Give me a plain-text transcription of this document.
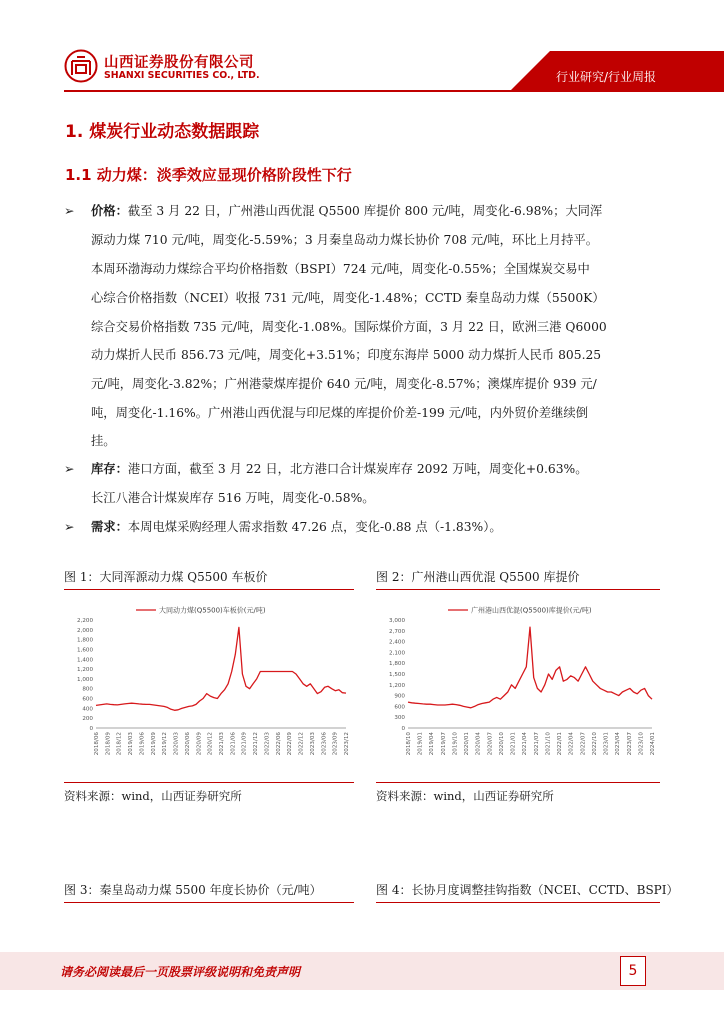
山西证券股份有限公司
SHANXI SECURITIES CO., LTD.	行业研究/行业周报
1. 煤炭行业动态数据跟踪
1.1 动力煤：淡季效应显现价格阶段性下行
➢ 价格：截至 3 月 22 日，广州港山西优混 Q5500 库提价 800 元/吨，周变化-6.98%；大同浑
源动力煤 710 元/吨，周变化-5.59%；3 月秦皇岛动力煤长协价 708 元/吨，环比上月持平。
本周环渤海动力煤综合平均价格指数（BSPI）724 元/吨，周变化-0.55%；全国煤炭交易中
心综合价格指数（NCEI）收报 731 元/吨，周变化-1.48%；CCTD 秦皇岛动力煤（5500K）
综合交易价格指数 735 元/吨，周变化-1.08%。国际煤价方面，3 月 22 日，欧洲三港 Q6000
动力煤折人民币 856.73 元/吨，周变化+3.51%；印度东海岸 5000 动力煤折人民币 805.25
元/吨，周变化-3.82%；广州港蒙煤库提价 640 元/吨，周变化-8.57%；澳煤库提价 939 元/
吨，周变化-1.16%。广州港山西优混与印尼煤的库提价价差-199 元/吨，内外贸价差继续倒
挂。
➢ 库存：港口方面，截至 3 月 22 日，北方港口合计煤炭库存 2092 万吨，周变化+0.63%。
长江八港合计煤炭库存 516 万吨，周变化-0.58%。
➢ 需求：本周电煤采购经理人需求指数 47.26 点，变化-0.88 点（-1.83%）。
图 1：大同浑源动力煤 Q5500 车板价
0
200
400
600
800
1,000
1,200
1,400
1,600
1,800
2,000
2,200
2018/06 2018/09 2018/12 2019/03 2019/06 2019/09 2019/12 2020/03 2020/06 2020/09 2020/12 2021/03 2021/06 2021/09 2021/12 2022/03 2022/06 2022/09 2022/12 2023/03 2023/06 2023/09 2023/12
大同动力煤(Q5500)车板价(元/吨)
资料来源：wind，山西证券研究所
图 2：广州港山西优混 Q5500 库提价
0
300
600
900
1,200
1,500
1,800
2,100
2,400
2,700
3,000
2018/10 2019/01 2019/04 2019/07 2019/10 2020/01 2020/04 2020/07 2020/10 2021/01 2021/04 2021/07 2021/10 2022/01 2022/04 2022/07 2022/10 2023/01 2023/04 2023/07 2023/10 2024/01
广州港山西优混(Q5500)库提价(元/吨)
资料来源：wind，山西证券研究所
图 3：秦皇岛动力煤 5500 年度长协价（元/吨）	图 4：长协月度调整挂钩指数（NCEI、CCTD、BSPI）
请务必阅读最后一页股票评级说明和免责声明	5
